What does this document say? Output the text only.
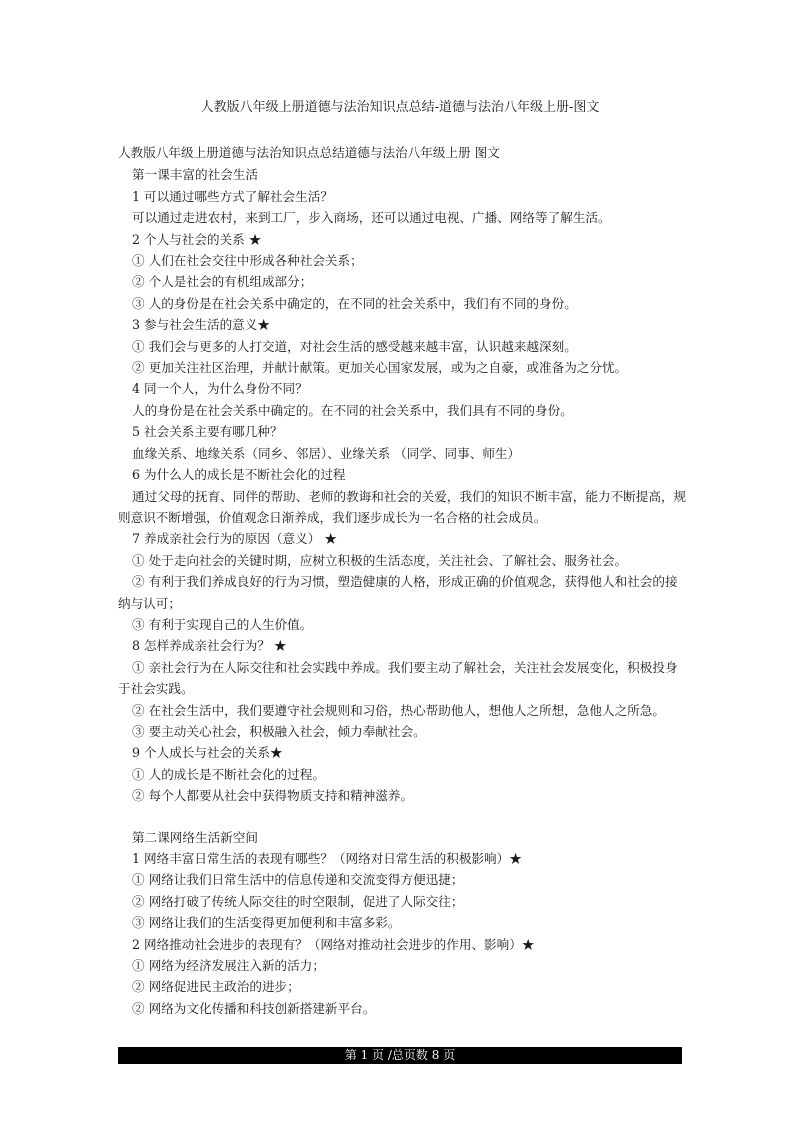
人教版八年级上册道德与法治知识点总结-道德与法治八年级上册-图文
人教版八年级上册道德与法治知识点总结道德与法治八年级上册 图文
第一课丰富的社会生活
1 可以通过哪些方式了解社会生活？
可以通过走进农村，来到工厂，步入商场，还可以通过电视、广播、网络等了解生活。
2 个人与社会的关系 ★
① 人们在社会交往中形成各种社会关系；
② 个人是社会的有机组成部分；
③ 人的身份是在社会关系中确定的，在不同的社会关系中，我们有不同的身份。
3 参与社会生活的意义★
① 我们会与更多的人打交道，对社会生活的感受越来越丰富，认识越来越深刻。
② 更加关注社区治理，并献计献策。更加关心国家发展，或为之自豪，或准备为之分忧。
4 同一个人，为什么身份不同？
人的身份是在社会关系中确定的。在不同的社会关系中，我们具有不同的身份。
5 社会关系主要有哪几种？
血缘关系、地缘关系（同乡、邻居）、业缘关系 （同学、同事、师生）
6 为什么人的成长是不断社会化的过程
通过父母的抚育、同伴的帮助、老师的教诲和社会的关爱，我们的知识不断丰富，能力不断提高，规则意识不断增强，价值观念日渐养成，我们逐步成长为一名合格的社会成员。
7 养成亲社会行为的原因（意义） ★
① 处于走向社会的关键时期，应树立积极的生活态度，关注社会、了解社会、服务社会。
② 有利于我们养成良好的行为习惯，塑造健康的人格，形成正确的价值观念，获得他人和社会的接纳与认可；
③ 有利于实现自己的人生价值。
8 怎样养成亲社会行为？ ★
① 亲社会行为在人际交往和社会实践中养成。我们要主动了解社会，关注社会发展变化，积极投身于社会实践。
② 在社会生活中，我们要遵守社会规则和习俗，热心帮助他人，想他人之所想，急他人之所急。
③ 要主动关心社会，积极融入社会，倾力奉献社会。
9 个人成长与社会的关系★
① 人的成长是不断社会化的过程。
② 每个人都要从社会中获得物质支持和精神滋养。
第二课网络生活新空间
1 网络丰富日常生活的表现有哪些？（网络对日常生活的积极影响）★
① 网络让我们日常生活中的信息传递和交流变得方便迅捷；
② 网络打破了传统人际交往的时空限制，促进了人际交往；
③ 网络让我们的生活变得更加便利和丰富多彩。
2 网络推动社会进步的表现有？（网络对推动社会进步的作用、影响）★
① 网络为经济发展注入新的活力；
② 网络促进民主政治的进步；
② 网络为文化传播和科技创新搭建新平台。
第 1 页 /总页数 8 页
